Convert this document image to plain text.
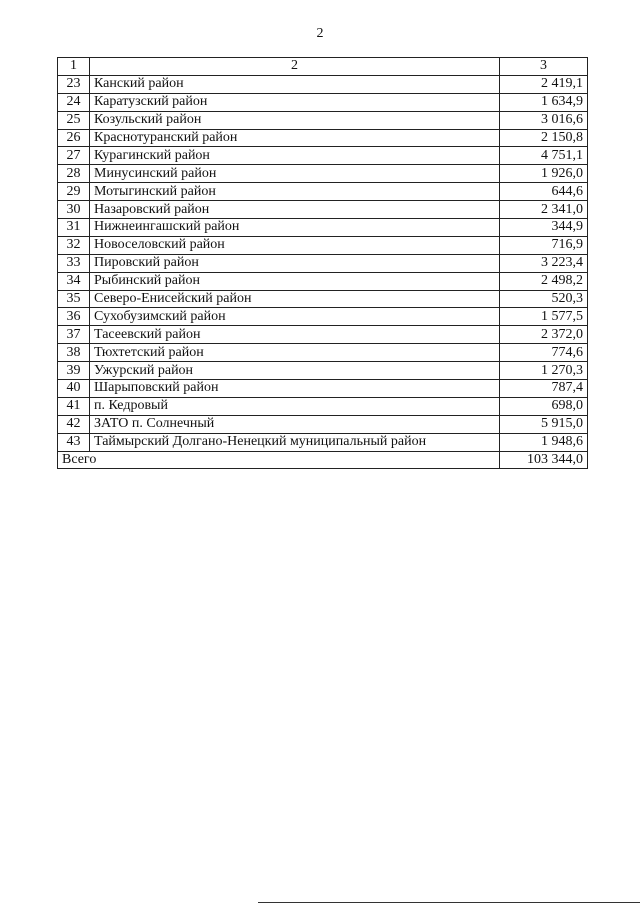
2
1	2	3
23	Канский район	2 419,1
24	Каратузский район	1 634,9
25	Козульский район	3 016,6
26	Краснотуранский район	2 150,8
27	Курагинский район	4 751,1
28	Минусинский район	1 926,0
29	Мотыгинский район	644,6
30	Назаровский район	2 341,0
31	Нижнеингашский район	344,9
32	Новоселовский район	716,9
33	Пировский район	3 223,4
34	Рыбинский район	2 498,2
35	Северо-Енисейский район	520,3
36	Сухобузимский район	1 577,5
37	Тасеевский район	2 372,0
38	Тюхтетский район	774,6
39	Ужурский район	1 270,3
40	Шарыповский район	787,4
41	п. Кедровый	698,0
42	ЗАТО п. Солнечный	5 915,0
43	Таймырский Долгано-Ненецкий муниципальный район	1 948,6
Всего		103 344,0
